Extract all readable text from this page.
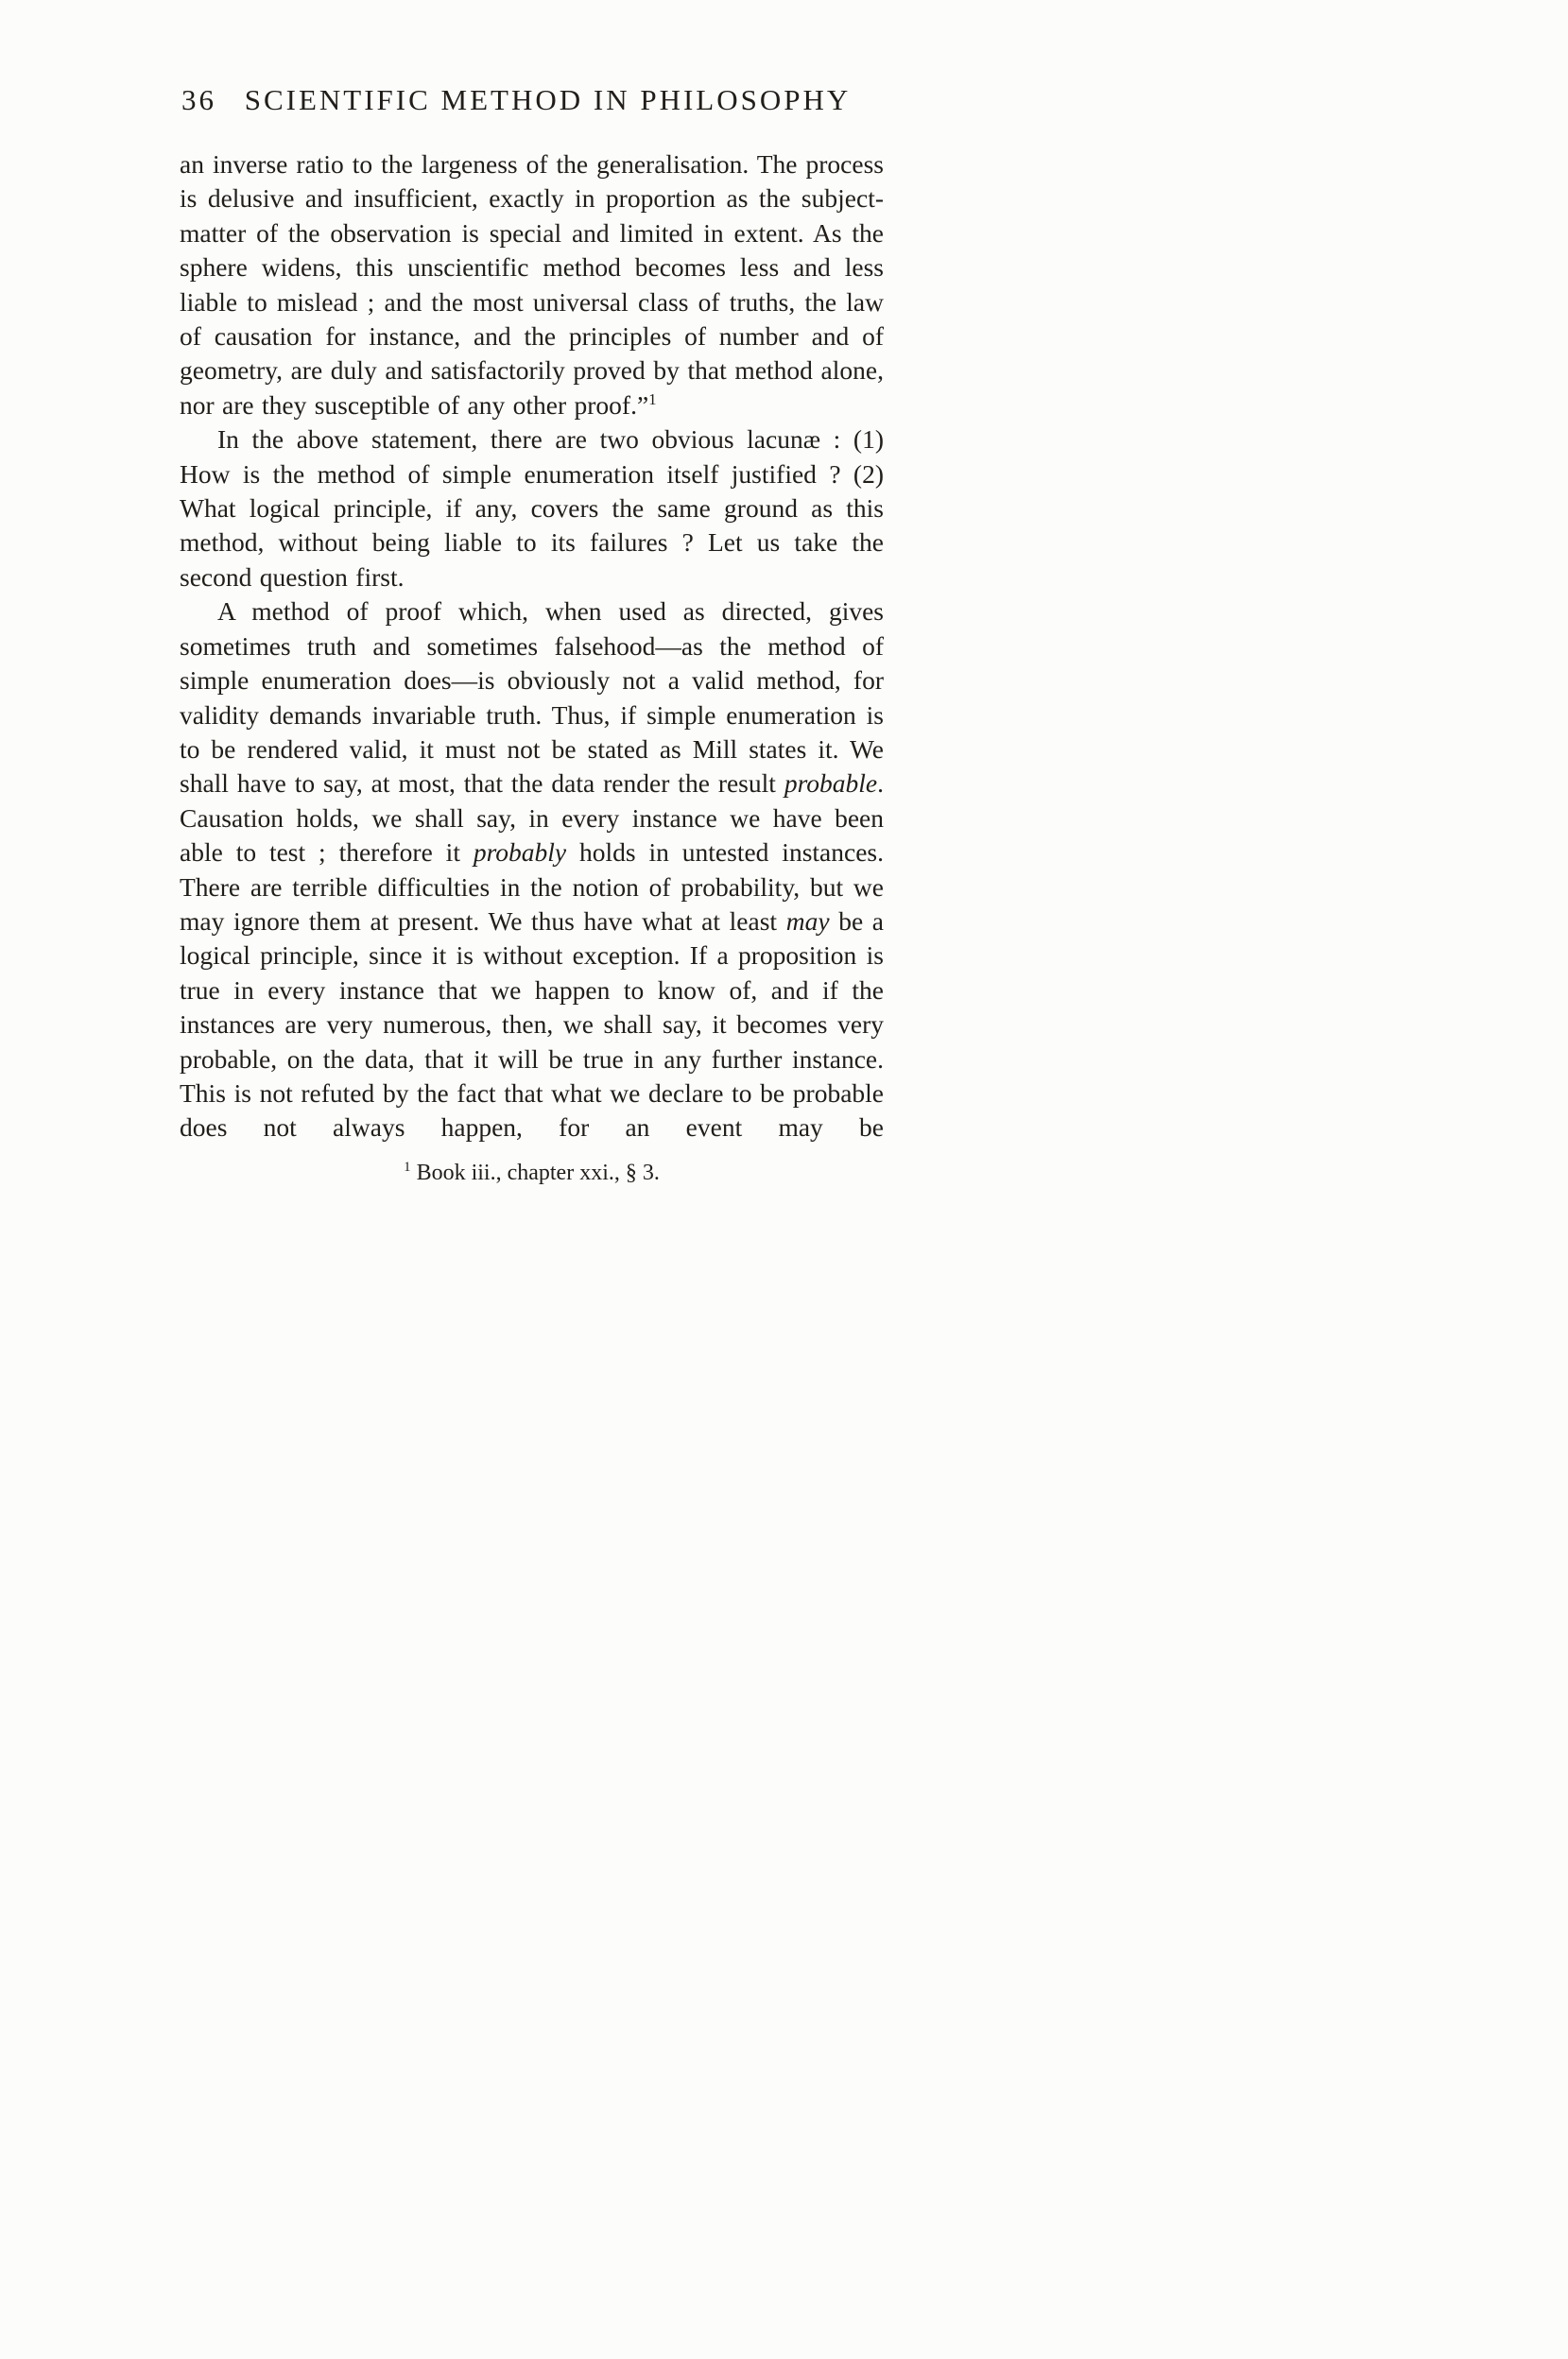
36 SCIENTIFIC METHOD IN PHILOSOPHY

an inverse ratio to the largeness of the generalisation. The process is delusive and insufficient, exactly in proportion as the subject-matter of the observation is special and limited in extent. As the sphere widens, this unscientific method becomes less and less liable to mislead ; and the most universal class of truths, the law of causation for instance, and the principles of number and of geometry, are duly and satisfactorily proved by that method alone, nor are they susceptible of any other proof.”$^1$

In the above statement, there are two obvious lacunæ : (1) How is the method of simple enumeration itself justified ? (2) What logical principle, if any, covers the same ground as this method, without being liable to its failures ? Let us take the second question first.

A method of proof which, when used as directed, gives sometimes truth and sometimes falsehood—as the method of simple enumeration does—is obviously not a valid method, for validity demands invariable truth. Thus, if simple enumeration is to be rendered valid, it must not be stated as Mill states it. We shall have to say, at most, that the data render the result probable. Causation holds, we shall say, in every instance we have been able to test ; therefore it probably holds in untested instances. There are terrible difficulties in the notion of probability, but we may ignore them at present. We thus have what at least may be a logical principle, since it is without exception. If a proposition is true in every instance that we happen to know of, and if the instances are very numerous, then, we shall say, it becomes very probable, on the data, that it will be true in any further instance. This is not refuted by the fact that what we declare to be probable does not always happen, for an event may be

$^1$ Book iii., chapter xxi., § 3.
